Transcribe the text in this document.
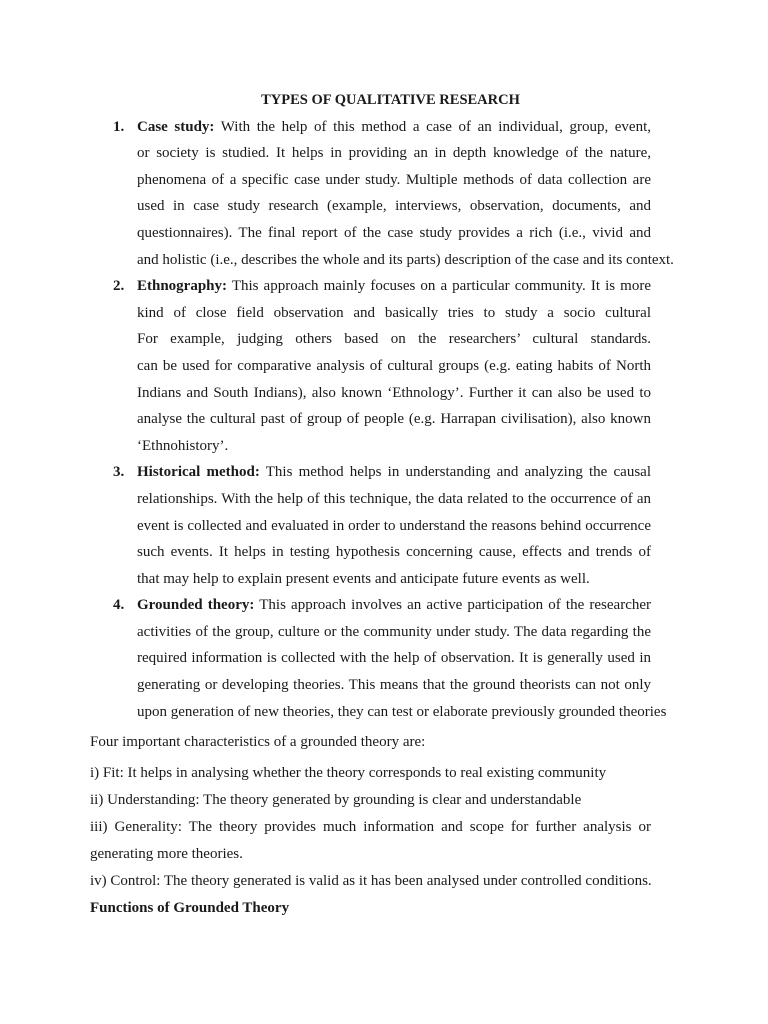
TYPES OF QUALITATIVE RESEARCH
1. Case study: With the help of this method a case of an individual, group, event,
or society is studied. It helps in providing an in depth knowledge of the nature,
phenomena of a specific case under study. Multiple methods of data collection are
used in case study research (example, interviews, observation, documents, and
questionnaires). The final report of the case study provides a rich (i.e., vivid and
and holistic (i.e., describes the whole and its parts) description of the case and its context.
2. Ethnography: This approach mainly focuses on a particular community. It is more
kind of close field observation and basically tries to study a socio cultural
For example, judging others based on the researchers’ cultural standards.
can be used for comparative analysis of cultural groups (e.g. eating habits of North
Indians and South Indians), also known ‘Ethnology’. Further it can also be used to
analyse the cultural past of group of people (e.g. Harrapan civilisation), also known
‘Ethnohistory’.
3. Historical method: This method helps in understanding and analyzing the causal
relationships. With the help of this technique, the data related to the occurrence of an
event is collected and evaluated in order to understand the reasons behind occurrence
such events. It helps in testing hypothesis concerning cause, effects and trends of
that may help to explain present events and anticipate future events as well.
4. Grounded theory: This approach involves an active participation of the researcher
activities of the group, culture or the community under study. The data regarding the
required information is collected with the help of observation. It is generally used in
generating or developing theories. This means that the ground theorists can not only
upon generation of new theories, they can test or elaborate previously grounded theories
Four important characteristics of a grounded theory are:
i) Fit: It helps in analysing whether the theory corresponds to real existing community
ii) Understanding: The theory generated by grounding is clear and understandable
iii) Generality: The theory provides much information and scope for further analysis or
generating more theories.
iv) Control: The theory generated is valid as it has been analysed under controlled conditions.
Functions of Grounded Theory
